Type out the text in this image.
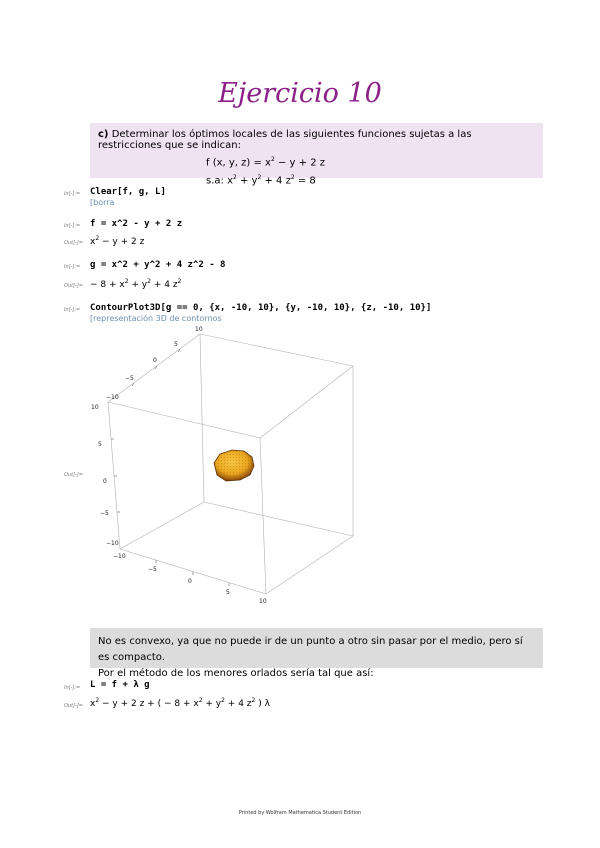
Ejercicio 10
c) Determinar los óptimos locales de las siguientes funciones sujetas a las restricciones que se indican:
f (x, y, $z) = x^2 - y + 2$ z
s.a: $x^2 + y^2 + 4$ $z^2 = 8$
In[-]:= Clear[f, g, L]
[borra
In[-]:= f = x^2 - y + 2 z
$Out[-]= x^2 - y + 2$ z
In[-]:= g = x^2 + y^2 + 4 z^2 - 8
$Out[-]= - 8 + x^2 + y^2 + 4$ $z^2$
In[-]:= ContourPlot3D[g == 0, {x, -10, 10}, {y, -10, 10}, {z, -10, 10}]
[representación 3D de contornos
Out[-]=
10
5
0
−5
−10
10
5
0
−5
−10
−10
−5
0
5
10
No es convexo, ya que no puede ir de un punto a otro sin pasar por el medio, pero sí es compacto.
Por el método de los menores orlados sería tal que así:
In[-]:= L = f + λ g
$Out[-]= x^2 - y + 2$ z + ( − $8 + x^2 + y^2 + 4$ $z^2$ ) λ
Printed by Wolfram Mathematica Student Edition
